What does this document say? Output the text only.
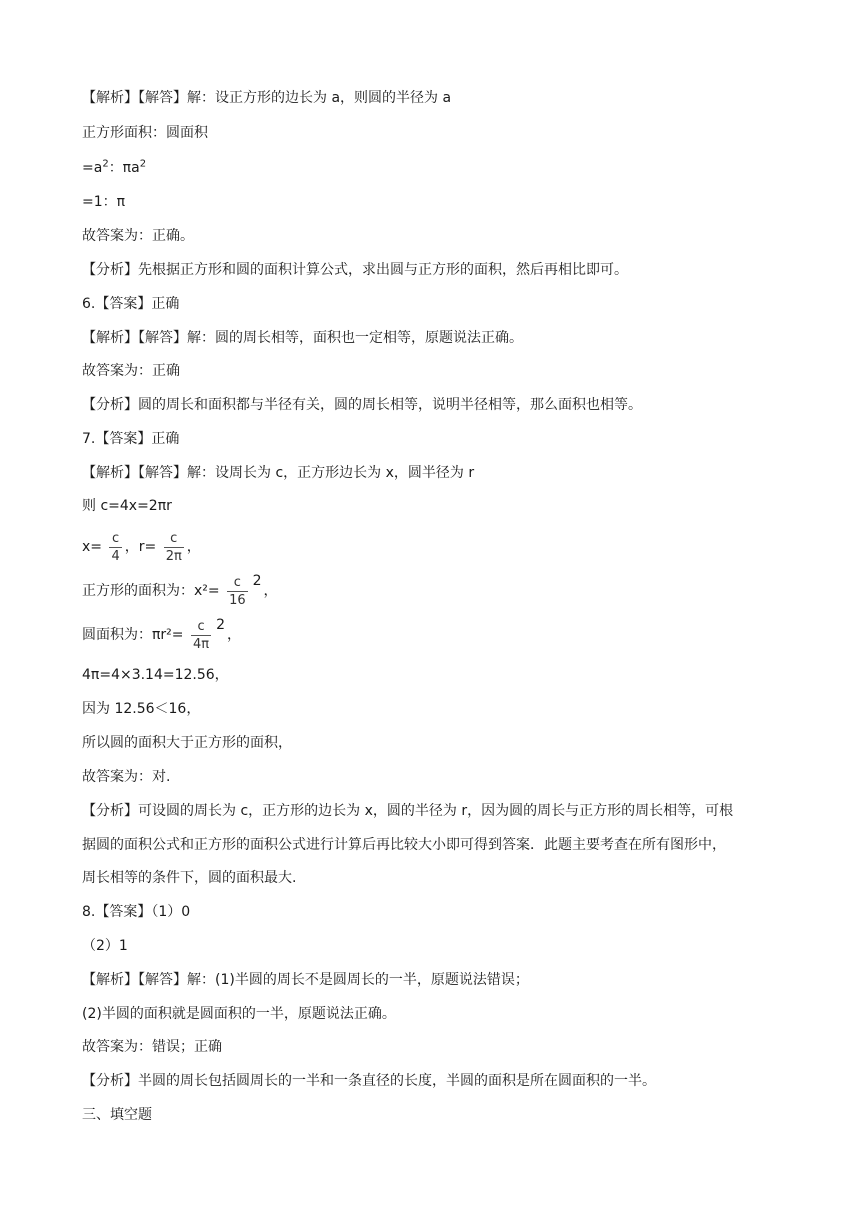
【解析】【解答】解：设正方形的边长为 a，则圆的半径为 a
正方形面积：圆面积
$=a^2$：$\pi a^2$
=1：π
故答案为：正确。
【分析】先根据正方形和圆的面积计算公式，求出圆与正方形的面积，然后再相比即可。
6.【答案】正确
【解析】【解答】解：圆的周长相等，面积也一定相等，原题说法正确。
故答案为：正确
【分析】圆的周长和面积都与半径有关，圆的周长相等，说明半径相等，那么面积也相等。
7.【答案】正确
【解析】【解答】解：设周长为 c，正方形边长为 x，圆半径为 r
则 c=4x=2πr
$x= \frac{c}{4}$ ，$r= \frac{c}{2\pi}$ ，
正方形的面积为：$x^2= \frac{c}{16} 2$，
圆面积为：$\pi r^2= \frac{c}{4\pi} 2$，
4π=4×3.14=12.56，
因为 12.56＜16，
所以圆的面积大于正方形的面积，
故答案为：对.
【分析】可设圆的周长为 c，正方形的边长为 x，圆的半径为 r，因为圆的周长与正方形的周长相等，可根
据圆的面积公式和正方形的面积公式进行计算后再比较大小即可得到答案．此题主要考查在所有图形中，
周长相等的条件下，圆的面积最大.
8.【答案】（1）0
（2）1
【解析】【解答】解：(1)半圆的周长不是圆周长的一半，原题说法错误；
(2)半圆的面积就是圆面积的一半，原题说法正确。
故答案为：错误；正确
【分析】半圆的周长包括圆周长的一半和一条直径的长度，半圆的面积是所在圆面积的一半。
三、填空题
